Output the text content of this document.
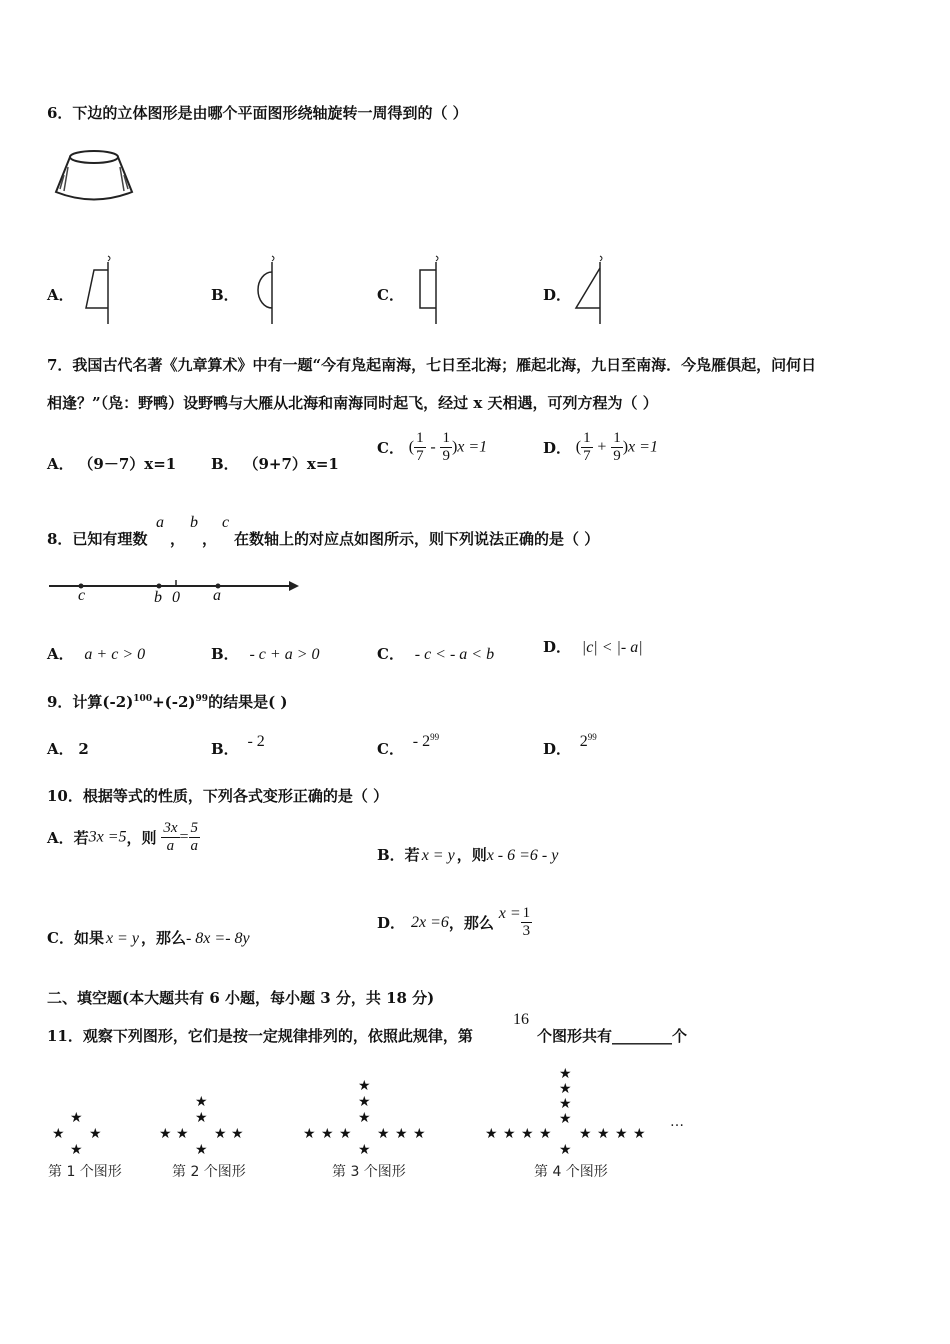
6．下边的立体图形是由哪个平面图形绕轴旋转一周得到的（ ）
A．	B．	C．	D．
7．我国古代名著《九章算术》中有一题“今有凫起南海，七日至北海；雁起北海，九日至南海．今凫雁俱起，问何日
相逢？”（凫：野鸭）设野鸭与大雁从北海和南海同时起飞，经过 x 天相遇，可列方程为（ ）
A． （9－7）x=1 B． （9+7）x=1
C． ( $\frac{1}{7} - \frac{1}{9} )x =1$	D． ( $\frac{1}{7} + \frac{1}{9} )x =1$
8．已知有理数
a
，
b
，
c
在数轴上的对应点如图所示，则下列说法正确的是（ ）
c	b 0 a
A． a + c > 0	B． - c + a > 0	C． - c < - a < b	D． |c| < |- a|
9．计算$(-2)^{100}+(-2)^{99}$的结果是( )
A． 2	B． - 2	C． - $2^{99}$
D． $2^{99}$
10．根据等式的性质，下列各式变形正确的是（ ）
A．若3x =5，则 $\frac{3x}{a} = \frac{5}{a}$	B．若 x = y ，则x - 6 =6 - y
C．如果 x = y ，那么- 8x =- 8y
D． 2x =6，那么 $x = \frac{1}{3}$
二、填空题(本大题共有 6 小题，每小题 3 分，共 18 分)
11．观察下列图形，它们是按一定规律排列的，依照此规律，第
16
个图形共有________个
★
★ ★
★
第 1 个图形
★
★
★ ★ ★ ★
★
第 2 个图形
★
★
★
★ ★ ★ ★ ★ ★
★
第 3 个图形
★
★
★
★
★ ★ ★ ★ ★ ★ ★ ★
★
第 4 个图形
…
